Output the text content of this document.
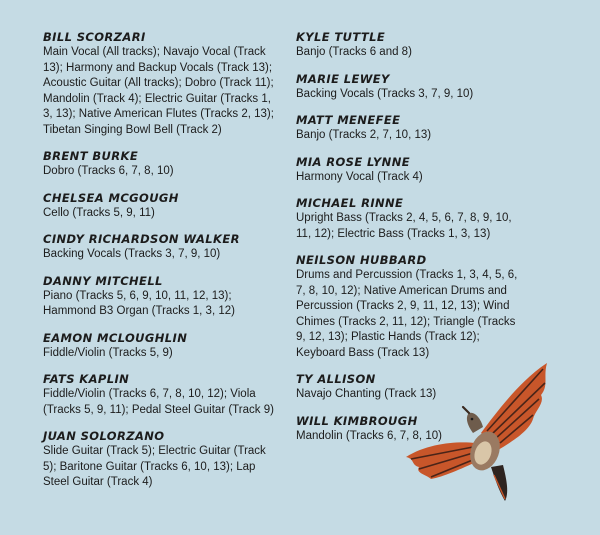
BILL SCORZARI
Main Vocal (All tracks); Navajo Vocal (Track 13); Harmony and Backup Vocals (Track 13); Acoustic Guitar (All tracks); Dobro (Track 11); Mandolin (Track 4); Electric Guitar (Tracks 1, 3, 13); Native American Flutes (Tracks 2, 13); Tibetan Singing Bowl Bell (Track 2)
BRENT BURKE
Dobro (Tracks 6, 7, 8, 10)
CHELSEA MCGOUGH
Cello (Tracks 5, 9, 11)
CINDY RICHARDSON WALKER
Backing Vocals (Tracks 3, 7, 9, 10)
DANNY MITCHELL
Piano (Tracks 5, 6, 9, 10, 11, 12, 13); Hammond B3 Organ (Tracks 1, 3, 12)
EAMON MCLOUGHLIN
Fiddle/Violin (Tracks 5, 9)
FATS KAPLIN
Fiddle/Violin (Tracks 6, 7, 8, 10, 12); Viola (Tracks 5, 9, 11); Pedal Steel Guitar (Track 9)
JUAN SOLORZANO
Slide Guitar (Track 5); Electric Guitar (Track 5); Baritone Guitar (Tracks 6, 10, 13); Lap Steel Guitar (Track 4)
KYLE TUTTLE
Banjo (Tracks 6 and 8)
MARIE LEWEY
Backing Vocals (Tracks 3, 7, 9, 10)
MATT MENEFEE
Banjo (Tracks 2, 7, 10, 13)
MIA ROSE LYNNE
Harmony Vocal (Track 4)
MICHAEL RINNE
Upright Bass (Tracks 2, 4, 5, 6, 7, 8, 9, 10, 11, 12); Electric Bass (Tracks 1, 3, 13)
NEILSON HUBBARD
Drums and Percussion (Tracks 1, 3, 4, 5, 6, 7, 8, 10, 12); Native American Drums and Percussion (Tracks 2, 9, 11, 12, 13); Wind Chimes (Tracks 2, 11, 12); Triangle (Tracks 9, 12, 13); Plastic Hands (Track 12); Keyboard Bass (Track 13)
TY ALLISON
Navajo Chanting (Track 13)
WILL KIMBROUGH
Mandolin (Tracks 6, 7, 8, 10)
